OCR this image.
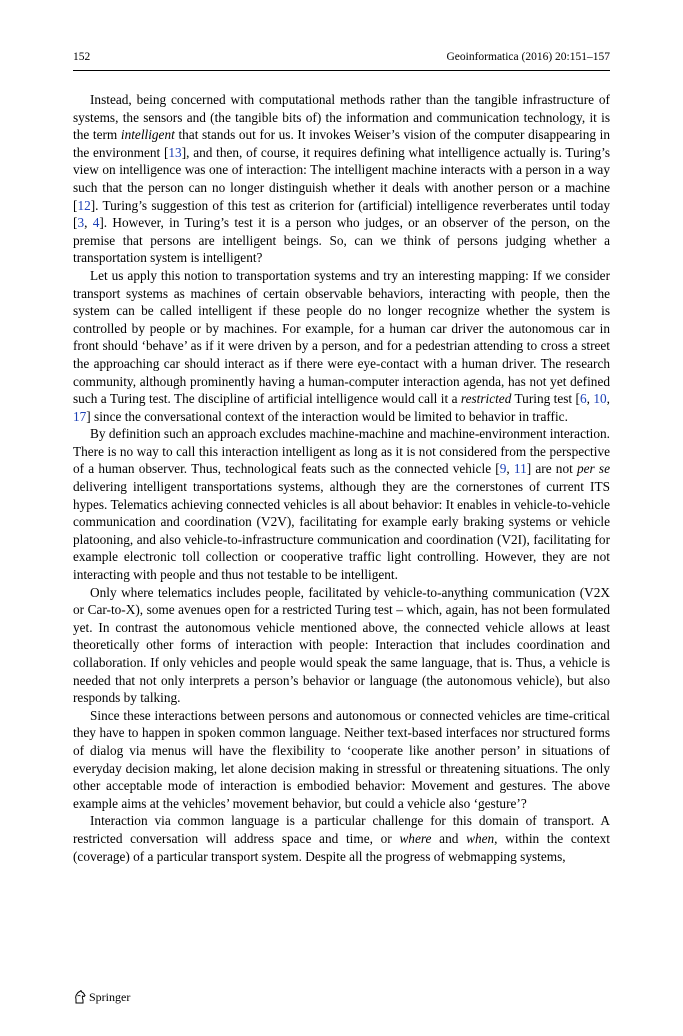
152	Geoinformatica (2016) 20:151–157

Instead, being concerned with computational methods rather than the tangible infrastructure of systems, the sensors and (the tangible bits of) the information and communication technology, it is the term intelligent that stands out for us. It invokes Weiser’s vision of the computer disappearing in the environment [13], and then, of course, it requires defining what intelligence actually is. Turing’s view on intelligence was one of interaction: The intelligent machine interacts with a person in a way such that the person can no longer distinguish whether it deals with another person or a machine [12]. Turing’s suggestion of this test as criterion for (artificial) intelligence reverberates until today [3, 4]. However, in Turing’s test it is a person who judges, or an observer of the person, on the premise that persons are intelligent beings. So, can we think of persons judging whether a transportation system is intelligent?

Let us apply this notion to transportation systems and try an interesting mapping: If we consider transport systems as machines of certain observable behaviors, interacting with people, then the system can be called intelligent if these people do no longer recognize whether the system is controlled by people or by machines. For example, for a human car driver the autonomous car in front should ‘behave’ as if it were driven by a person, and for a pedestrian attending to cross a street the approaching car should interact as if there were eye-contact with a human driver. The research community, although prominently having a human-computer interaction agenda, has not yet defined such a Turing test. The discipline of artificial intelligence would call it a restricted Turing test [6, 10, 17] since the conversational context of the interaction would be limited to behavior in traffic.

By definition such an approach excludes machine-machine and machine-environment interaction. There is no way to call this interaction intelligent as long as it is not considered from the perspective of a human observer. Thus, technological feats such as the connected vehicle [9, 11] are not per se delivering intelligent transportations systems, although they are the cornerstones of current ITS hypes. Telematics achieving connected vehicles is all about behavior: It enables in vehicle-to-vehicle communication and coordination (V2V), facilitating for example early braking systems or vehicle platooning, and also vehicle-to-infrastructure communication and coordination (V2I), facilitating for example electronic toll collection or cooperative traffic light controlling. However, they are not interacting with people and thus not testable to be intelligent.

Only where telematics includes people, facilitated by vehicle-to-anything communication (V2X or Car-to-X), some avenues open for a restricted Turing test – which, again, has not been formulated yet. In contrast the autonomous vehicle mentioned above, the connected vehicle allows at least theoretically other forms of interaction with people: Interaction that includes coordination and collaboration. If only vehicles and people would speak the same language, that is. Thus, a vehicle is needed that not only interprets a person’s behavior or language (the autonomous vehicle), but also responds by talking.

Since these interactions between persons and autonomous or connected vehicles are time-critical they have to happen in spoken common language. Neither text-based interfaces nor structured forms of dialog via menus will have the flexibility to ‘cooperate like another person’ in situations of everyday decision making, let alone decision making in stressful or threatening situations. The only other acceptable mode of interaction is embodied behavior: Movement and gestures. The above example aims at the vehicles’ movement behavior, but could a vehicle also ‘gesture’?

Interaction via common language is a particular challenge for this domain of transport. A restricted conversation will address space and time, or where and when, within the context (coverage) of a particular transport system. Despite all the progress of webmapping systems,

Springer
